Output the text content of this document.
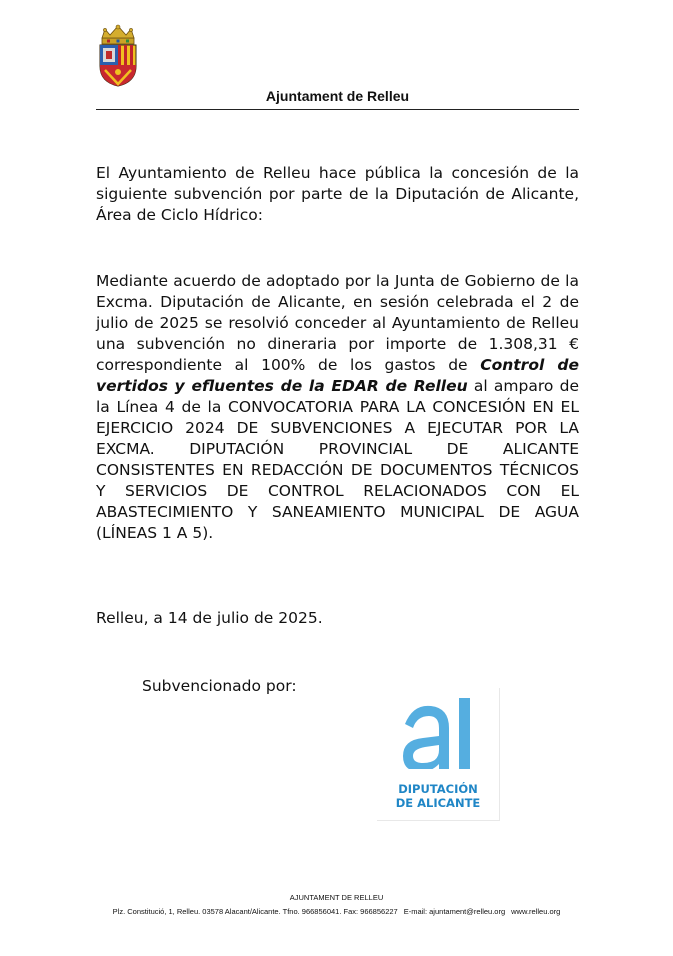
Ajuntament de Relleu

El Ayuntamiento de Relleu hace pública la concesión de la siguiente subvención por parte de la Diputación de Alicante, Área de Ciclo Hídrico:

Mediante acuerdo de adoptado por la Junta de Gobierno de la Excma. Diputación de Alicante, en sesión celebrada el 2 de julio de 2025 se resolvió conceder al Ayuntamiento de Relleu una subvención no dineraria por importe de 1.308,31 € correspondiente al 100% de los gastos de Control de vertidos y efluentes de la EDAR de Relleu al amparo de la Línea 4 de la CONVOCATORIA PARA LA CONCESIÓN EN EL EJERCICIO 2024 DE SUBVENCIONES A EJECUTAR POR LA EXCMA. DIPUTACIÓN PROVINCIAL DE ALICANTE CONSISTENTES EN REDACCIÓN DE DOCUMENTOS TÉCNICOS Y SERVICIOS DE CONTROL RELACIONADOS CON EL ABASTECIMIENTO Y SANEAMIENTO MUNICIPAL DE AGUA (LÍNEAS 1 A 5).

Relleu, a 14 de julio de 2025.
Subvencionado por:
DIPUTACIÓN
DE ALICANTE
AJUNTAMENT DE RELLEU
Plz. Constitució, 1, Relleu. 03578 Alacant/Alicante. Tfno. 966856041. Fax: 966856227 E-mail: ajuntament@relleu.org www.relleu.org
